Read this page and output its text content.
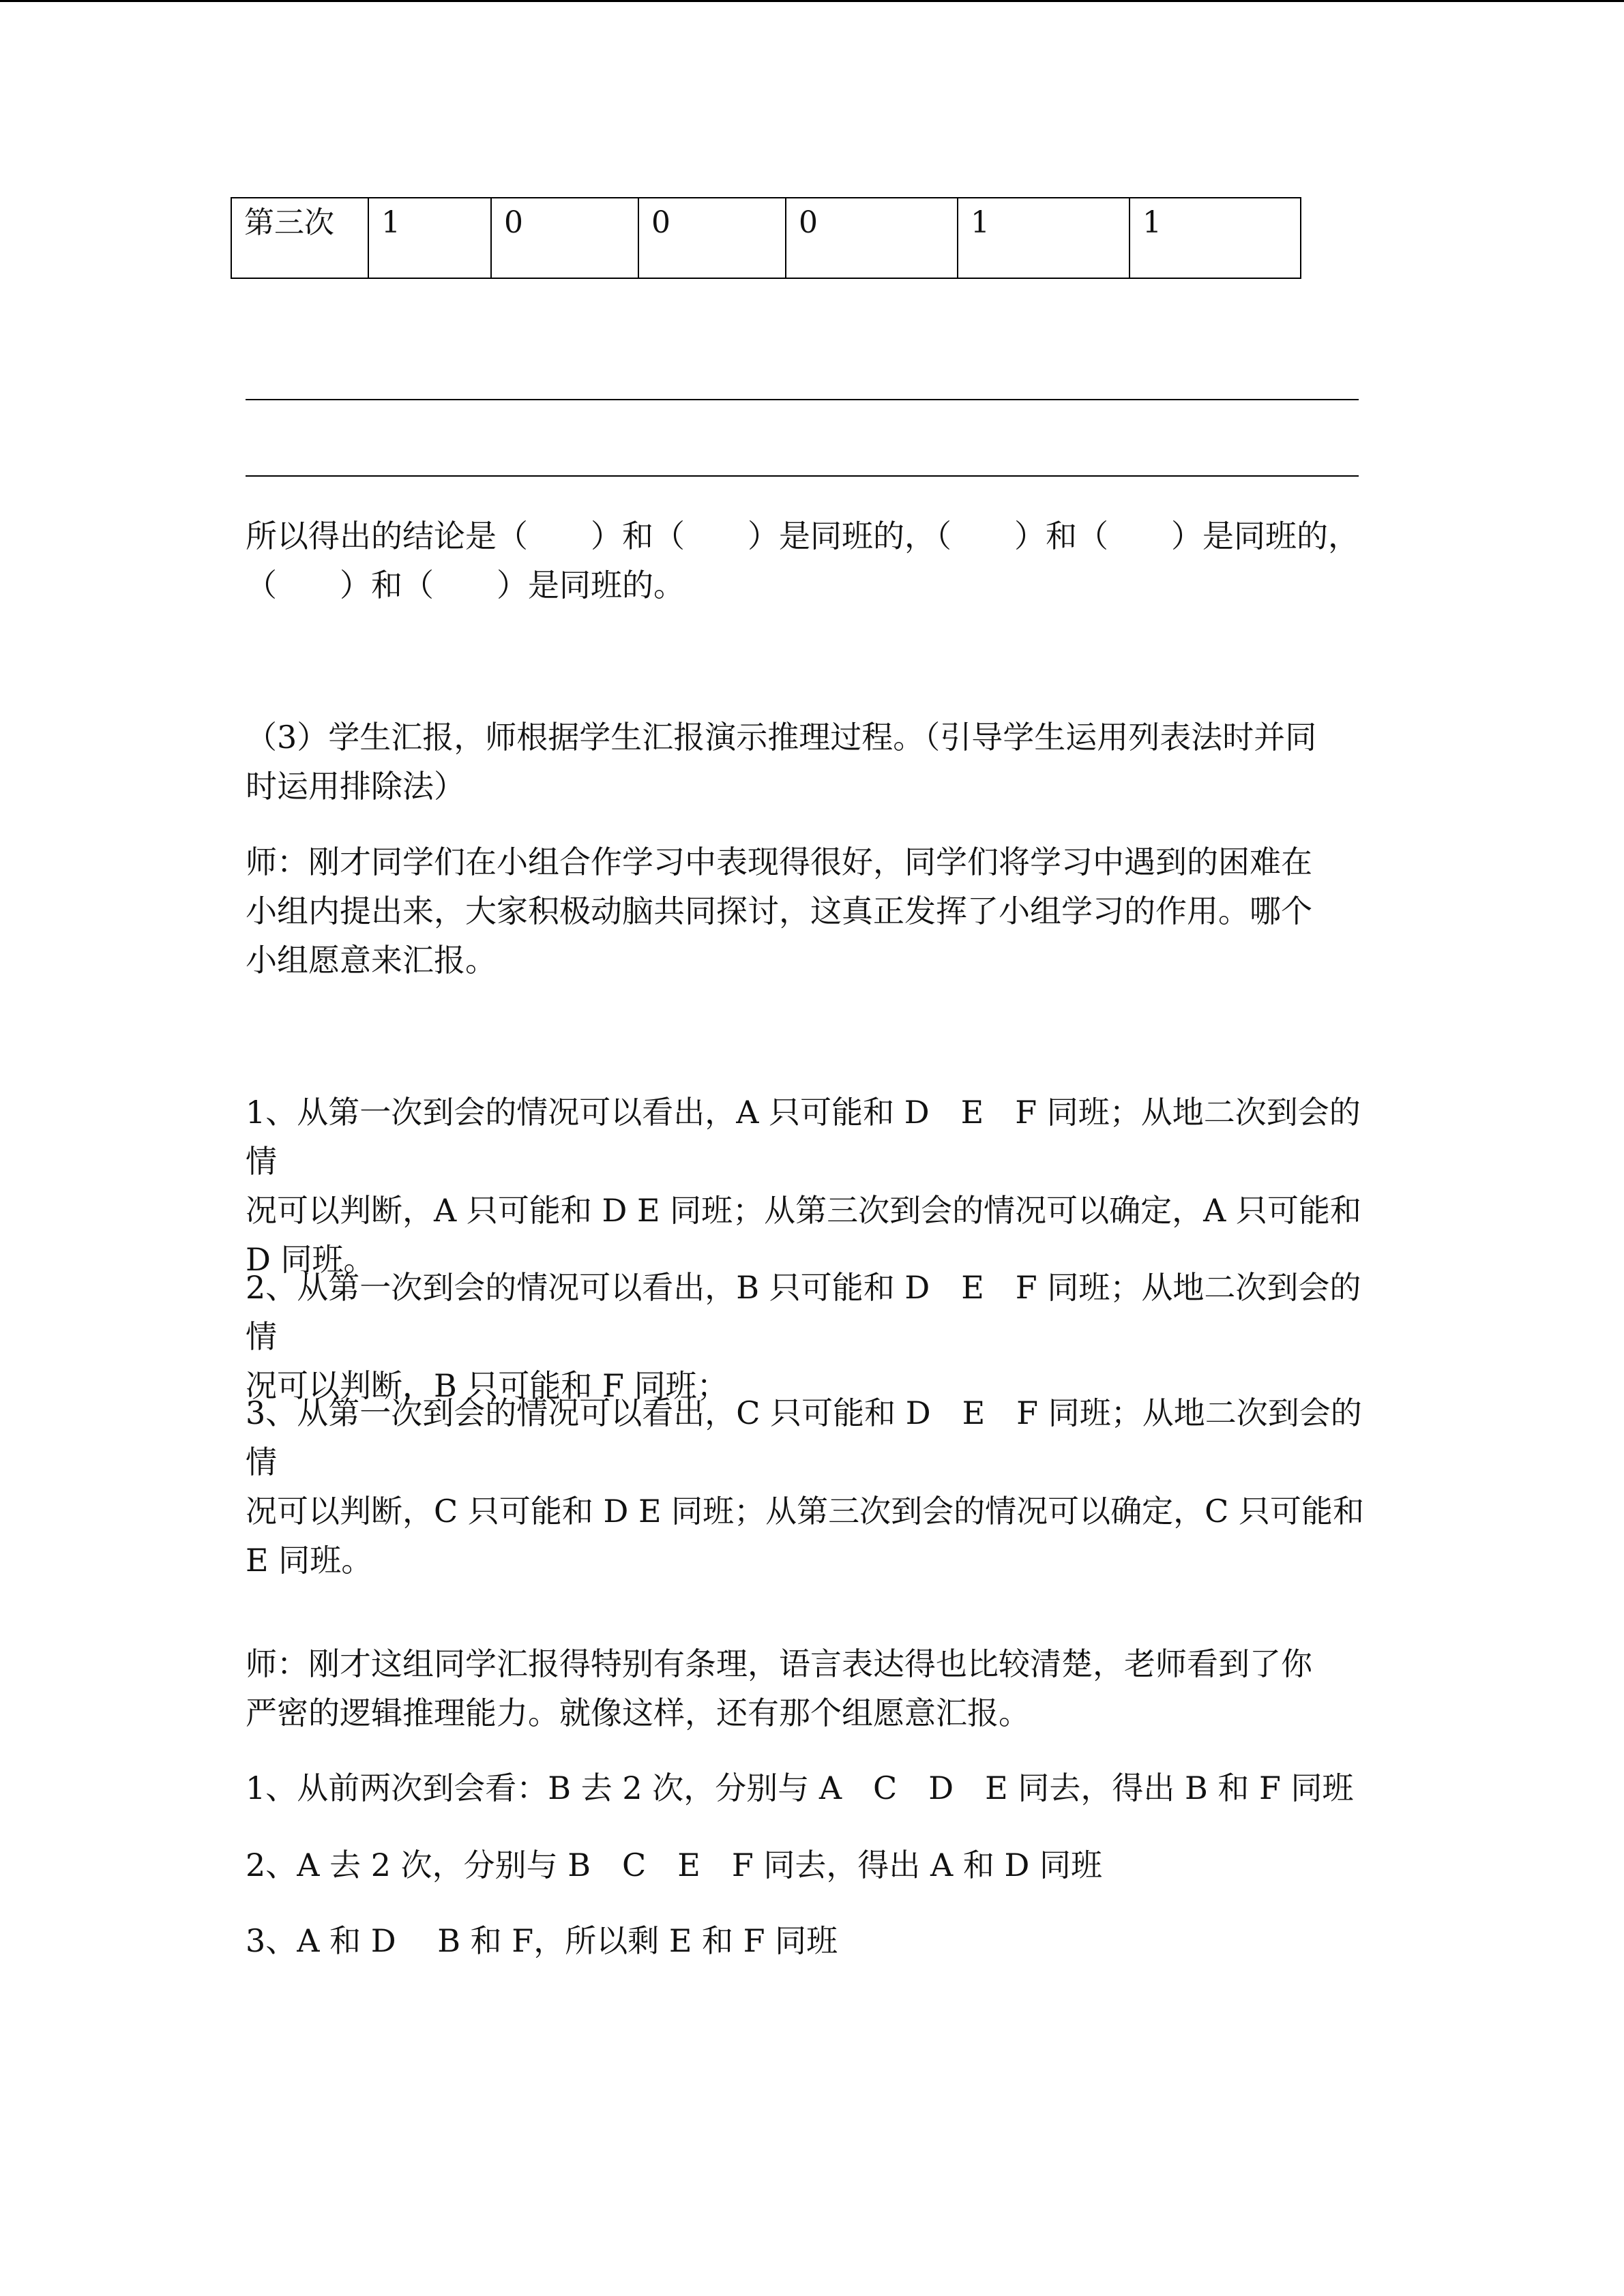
第三次	1	0	0	0	1	1

所以得出的结论是（　　）和（　　）是同班的，（　　）和（　　）是同班的，
（　　）和（　　）是同班的。

（3）学生汇报，师根据学生汇报演示推理过程。（引导学生运用列表法时并同
时运用排除法）

师：刚才同学们在小组合作学习中表现得很好，同学们将学习中遇到的困难在
小组内提出来，大家积极动脑共同探讨，这真正发挥了小组学习的作用。哪个
小组愿意来汇报。

1、从第一次到会的情况可以看出，A 只可能和 D　E　F 同班；从地二次到会的情
况可以判断，A 只可能和 D E 同班；从第三次到会的情况可以确定，A 只可能和
D 同班。

2、从第一次到会的情况可以看出，B 只可能和 D　E　F 同班；从地二次到会的情
况可以判断，B 只可能和 F 同班；

3、从第一次到会的情况可以看出，C 只可能和 D　E　F 同班；从地二次到会的情
况可以判断，C 只可能和 D E 同班；从第三次到会的情况可以确定，C 只可能和
E 同班。

师：刚才这组同学汇报得特别有条理，语言表达得也比较清楚，老师看到了你
严密的逻辑推理能力。就像这样，还有那个组愿意汇报。

1、从前两次到会看：B 去 2 次，分别与 A　C　D　E 同去，得出 B 和 F 同班

2、A 去 2 次，分别与 B　C　E　F 同去，得出 A 和 D 同班

3、A 和 D　 B 和 F，所以剩 E 和 F 同班
